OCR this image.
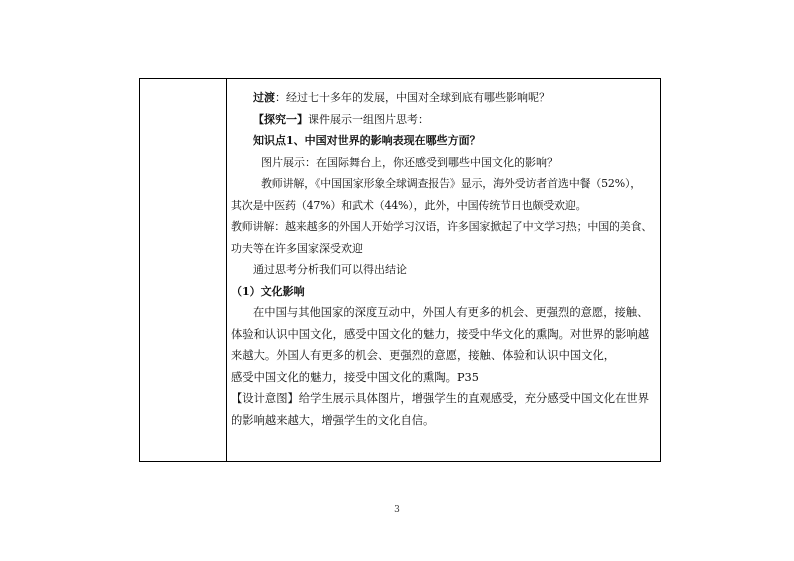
过渡：经过七十多年的发展，中国对全球到底有哪些影响呢？

【探究一】课件展示一组图片思考：

知识点1、中国对世界的影响表现在哪些方面？

图片展示：在国际舞台上，你还感受到哪些中国文化的影响？

教师讲解，《中国国家形象全球调查报告》显示，海外受访者首选中餐（52%），

其次是中医药（47%）和武术（44%），此外，中国传统节日也颇受欢迎。

教师讲解：越来越多的外国人开始学习汉语，许多国家掀起了中文学习热；中国的美食、

功夫等在许多国家深受欢迎

通过思考分析我们可以得出结论

（1）文化影响

在中国与其他国家的深度互动中，外国人有更多的机会、更强烈的意愿，接触、

体验和认识中国文化，感受中国文化的魅力，接受中华文化的熏陶。对世界的影响越

来越大。外国人有更多的机会、更强烈的意愿，接触、体验和认识中国文化，

感受中国文化的魅力，接受中国文化的熏陶。P35

【设计意图】给学生展示具体图片，增强学生的直观感受，充分感受中国文化在世界

的影响越来越大，增强学生的文化自信。

3
